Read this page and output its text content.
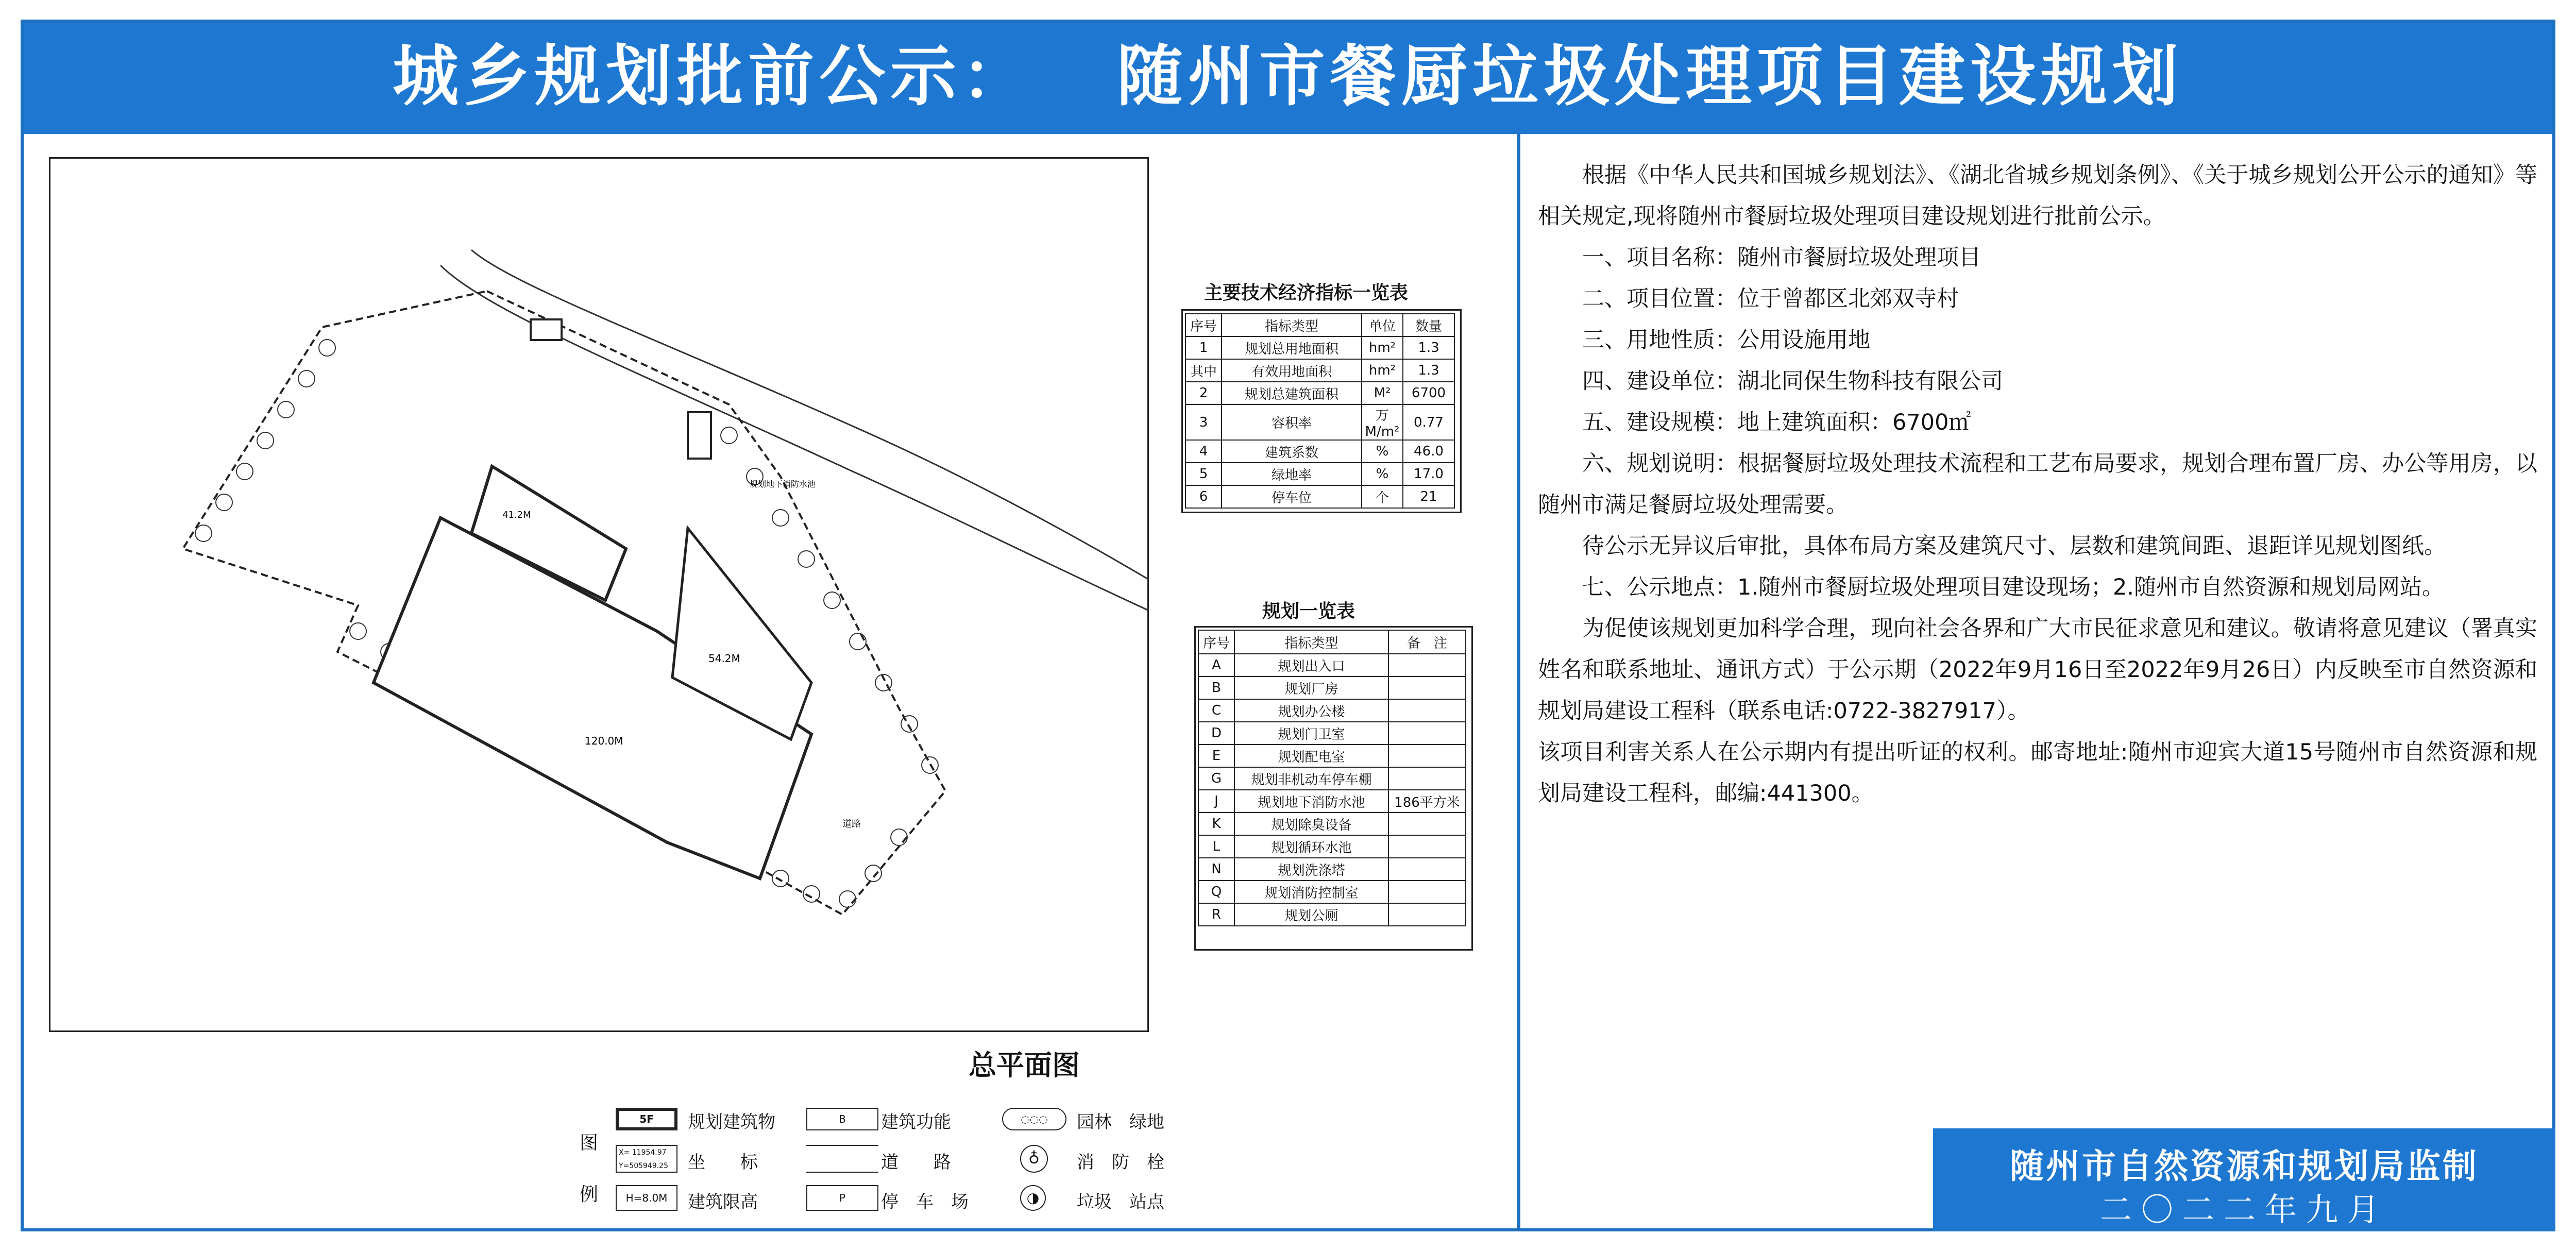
城乡规划批前公示：   随州市餐厨垃圾处理项目建设规划
54.2M
120.0M
41.2M
规划地下消防水池
道路
主要技术经济指标一览表
序号	指标类型	单位	数量
1	规划总用地面积	hm²	1.3
其中	有效用地面积	hm²	1.3
2	规划总建筑面积	M²	6700
3	容积率	万M/m²	0.77
4	建筑系数	%	46.0
5	绿地率	%	17.0
6	停车位	个	21
规划一览表
序号	指标类型	备　注
A	规划出入口	
B	规划厂房	
C	规划办公楼	
D	规划门卫室	
E	规划配电室	
G	规划非机动车停车棚	
J	规划地下消防水池	186平方米
K	规划除臭设备	
L	规划循环水池	
N	规划洗涤塔	
Q	规划消防控制室	
R	规划公厕	
总平面图
图
例
5F	规划建筑物	B	建筑功能	◌◌◌	园林　绿地
X= 11954.97
Y=505949.25	坐　　标	道　　路	♁	消　防　栓
H=8.0M	建筑限高	P	停　车　场	◑	垃圾　站点

根据《中华人民共和国城乡规划法》、《湖北省城乡规划条例》、《关于城乡规划公开公示的通知》等相关规定,现将随州市餐厨垃圾处理项目建设规划进行批前公示。

一、项目名称：随州市餐厨垃圾处理项目

二、项目位置：位于曾都区北郊双寺村

三、用地性质：公用设施用地

四、建设单位：湖北同保生物科技有限公司

五、建设规模：地上建筑面积：6700㎡

六、规划说明：根据餐厨垃圾处理技术流程和工艺布局要求，规划合理布置厂房、办公等用房，以随州市满足餐厨垃圾处理需要。

待公示无异议后审批，具体布局方案及建筑尺寸、层数和建筑间距、退距详见规划图纸。

七、公示地点：1.随州市餐厨垃圾处理项目建设现场；2.随州市自然资源和规划局网站。

为促使该规划更加科学合理，现向社会各界和广大市民征求意见和建议。敬请将意见建议（署真实姓名和联系地址、通讯方式）于公示期（2022年9月16日至2022年9月26日）内反映至市自然资源和规划局建设工程科（联系电话:0722-3827917）。

该项目利害关系人在公示期内有提出听证的权利。邮寄地址:随州市迎宾大道15号随州市自然资源和规划局建设工程科，邮编:441300。

随州市自然资源和规划局监制
二〇二二年九月
